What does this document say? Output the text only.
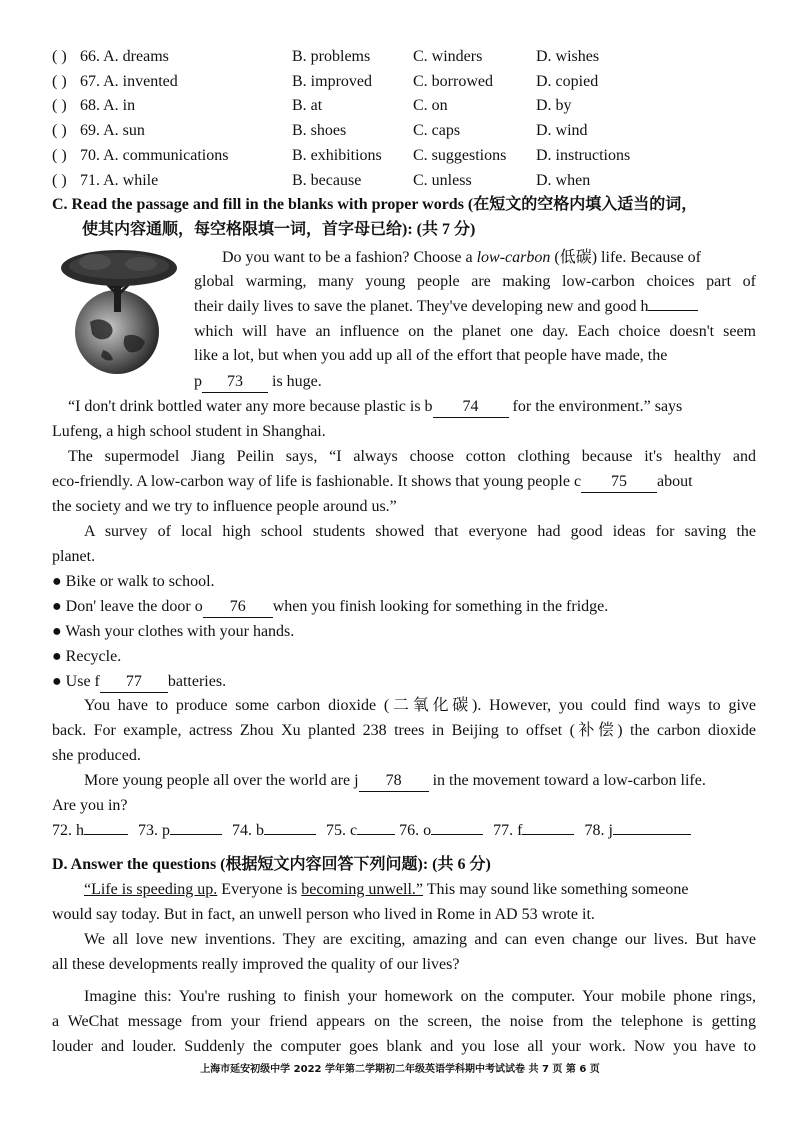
( ) 66. A. dreams	B. problems	C. winders	D. wishes
( ) 67. A. invented	B. improved	C. borrowed	D. copied
( ) 68. A. in	B. at	C. on	D. by
( ) 69. A. sun	B. shoes	C. caps	D. wind
( ) 70. A. communications	B. exhibitions C. suggestions D. instructions
( ) 71. A. while	B. because	C. unless	D. when
C. Read the passage and fill in the blanks with proper words (在短文的空格内填入适当的词，
使其内容通顺，每空格限填一词，首字母已给): (共 7 分)
Do you want to be a fashion? Choose a low-carbon (低碳) life. Because of
global warming, many young people are making low-carbon choices part of
their daily lives to save the planet. They've developing new and good h
which will have an influence on the planet one day. Each choice doesn't seem
like a lot, but when you add up all of the effort that people have made, the
p 73 is huge.
“I don't drink bottled water any more because plastic is b 74 for the environment.” says
Lufeng, a high school student in Shanghai.
The supermodel Jiang Peilin says, “I always choose cotton clothing because it's healthy and
eco-friendly. A low-carbon way of life is fashionable. It shows that young people c 75 about
the society and we try to influence people around us.”
A survey of local high school students showed that everyone had good ideas for saving the
planet.
● Bike or walk to school.
● Don' leave the door o 76 when you finish looking for something in the fridge.
● Wash your clothes with your hands.
● Recycle.
● Use f 77 batteries.
You have to produce some carbon dioxide (二氧化碳). However, you could find ways to give
back. For example, actress Zhou Xu planted 238 trees in Beijing to offset (补偿) the carbon dioxide
she produced.
More young people all over the world are j 78 in the movement toward a low-carbon life.
Are you in?
72. h	73. p	74. b	75. c	76. o	77. f	78. j
D. Answer the questions (根据短文内容回答下列问题): (共 6 分)
“Life is speeding up. Everyone is becoming unwell.” This may sound like something someone
would say today. But in fact, an unwell person who lived in Rome in AD 53 wrote it.
We all love new inventions. They are exciting, amazing and can even change our lives. But have
all these developments really improved the quality of our lives?
Imagine this: You're rushing to finish your homework on the computer. Your mobile phone rings,
a WeChat message from your friend appears on the screen, the noise from the telephone is getting
louder and louder. Suddenly the computer goes blank and you lose all your work. Now you have to
上海市延安初级中学 2022 学年第二学期初二年级英语学科期中考试试卷 共 7 页 第 6 页
